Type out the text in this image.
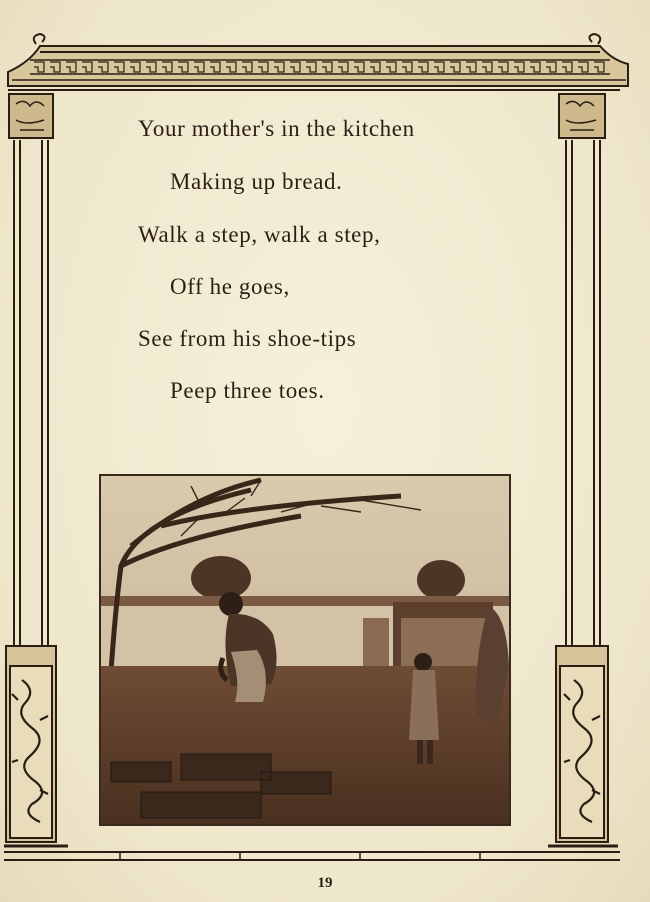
Your mother's in the kitchen
Making up bread.
Walk a step, walk a step,
Off he goes,
See from his shoe-tips
Peep three toes.
19
